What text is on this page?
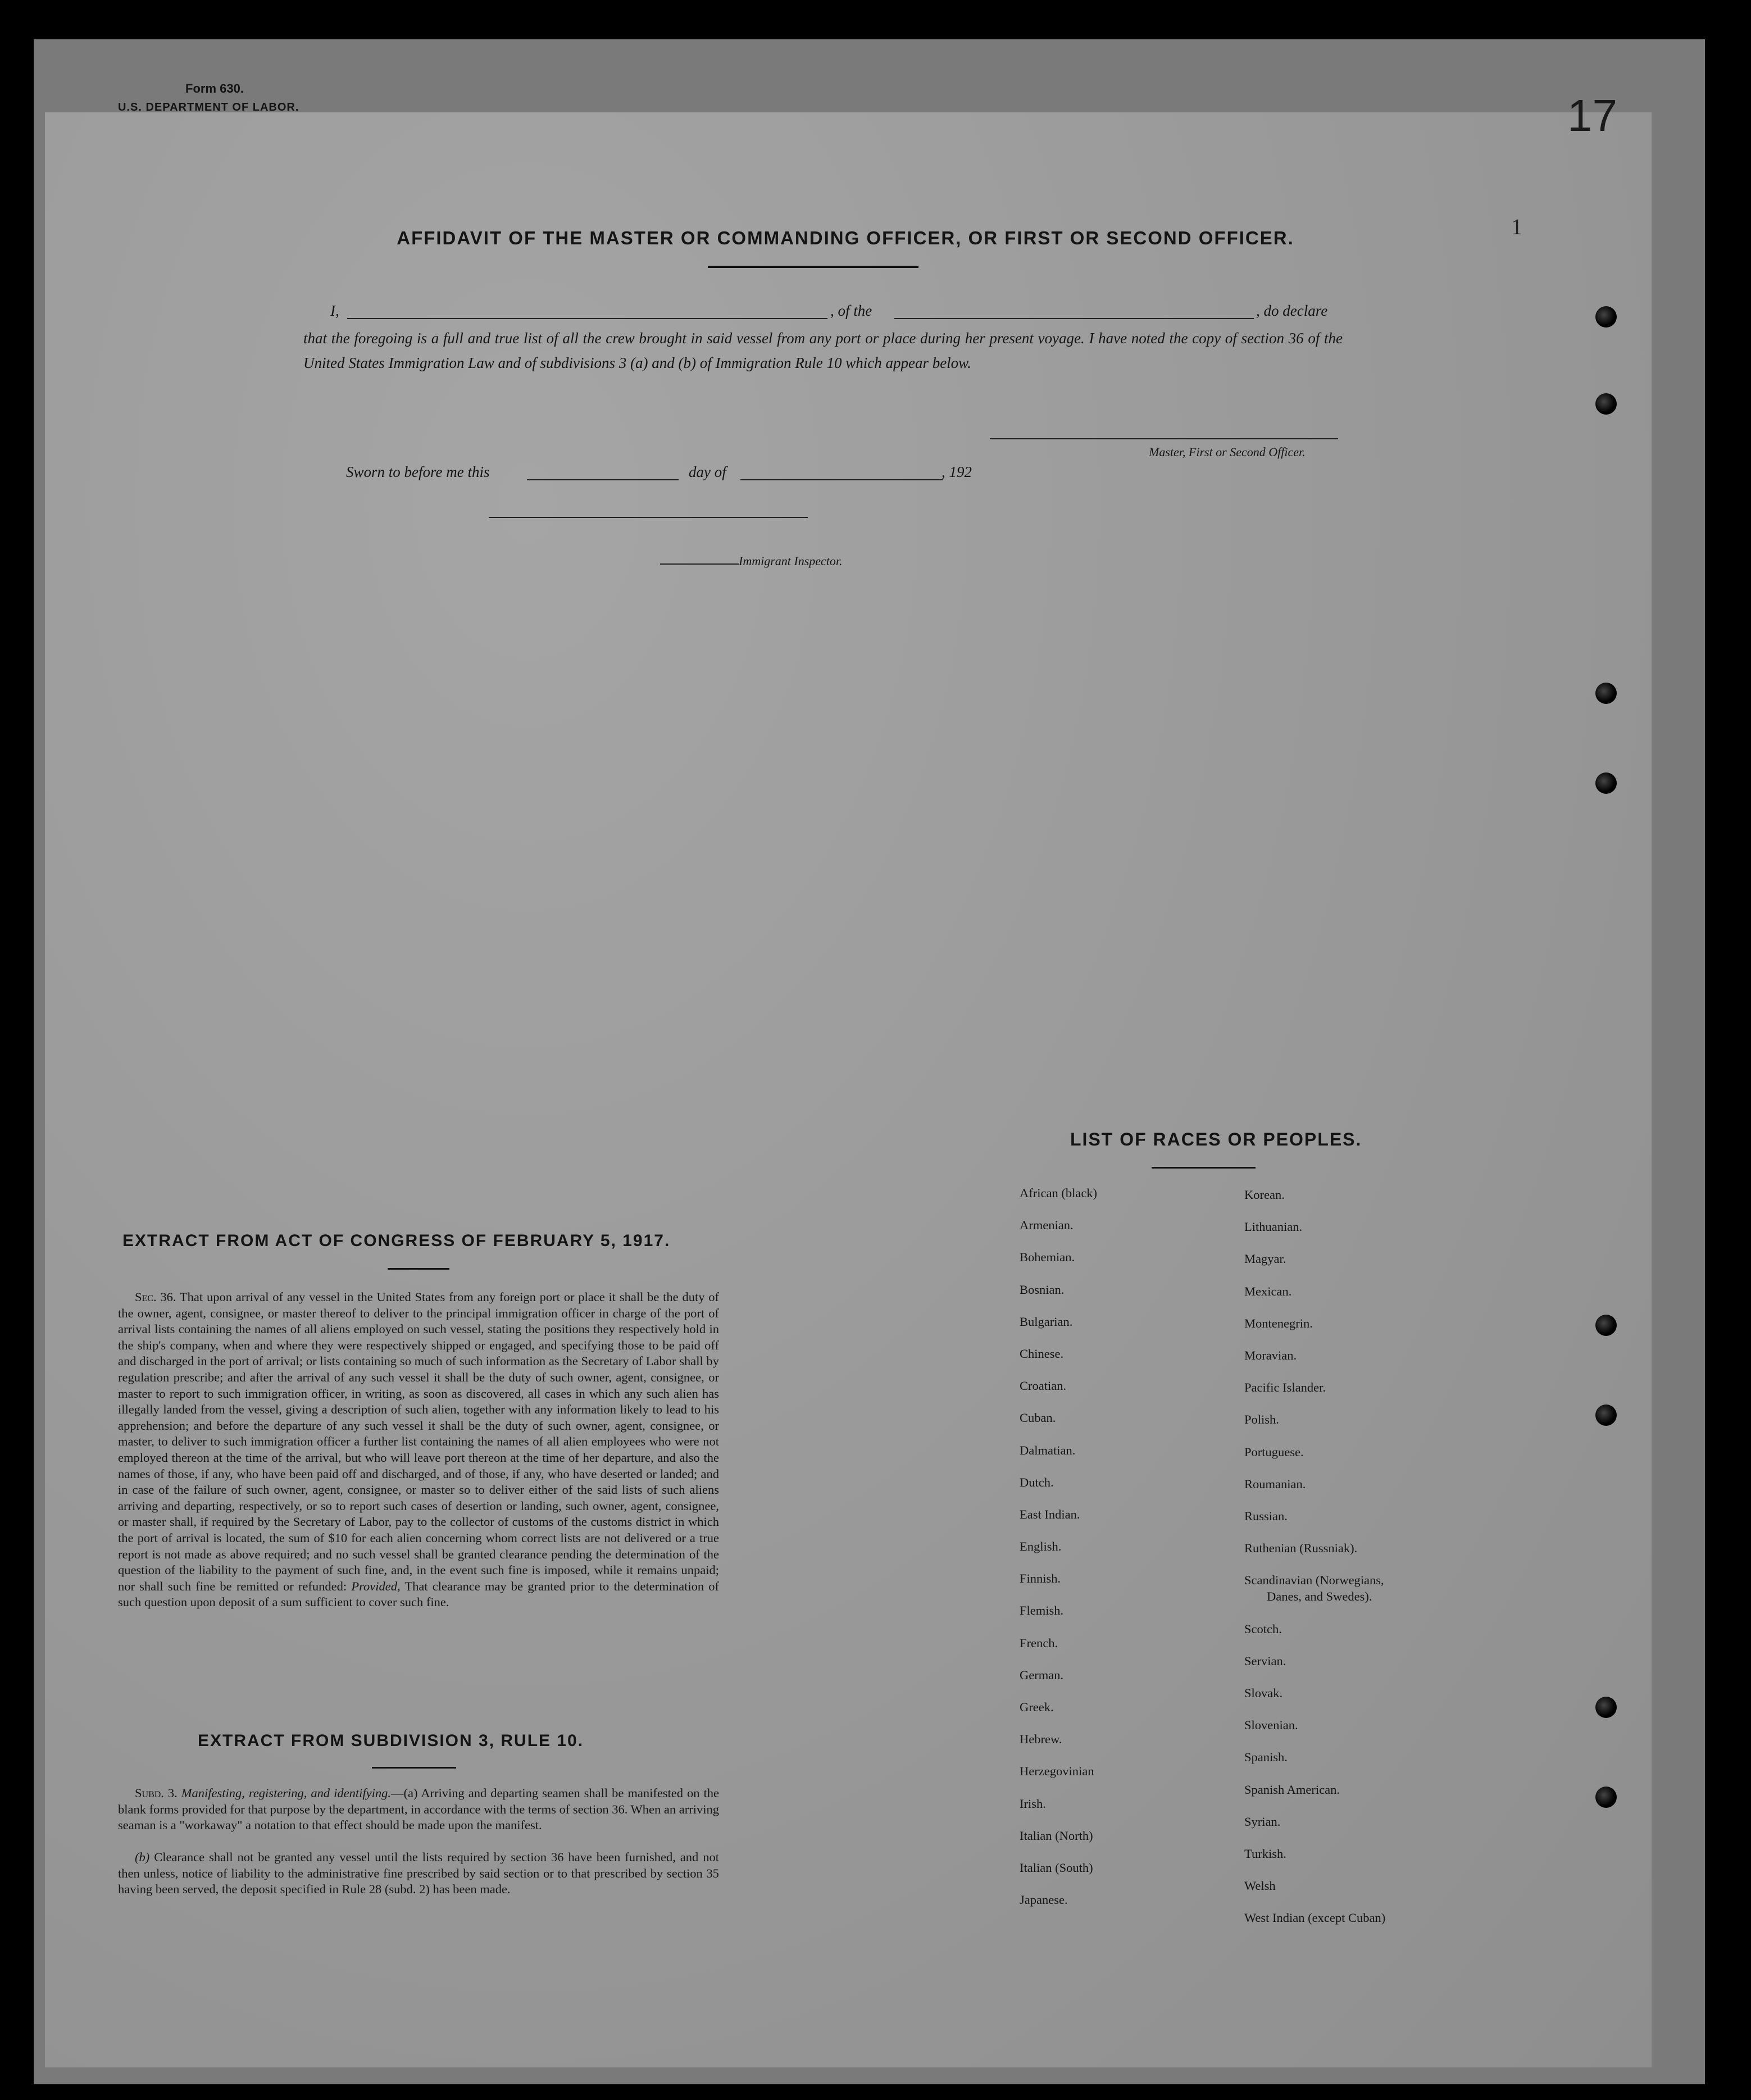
Form 630.
U.S. DEPARTMENT OF LABOR.	17
1
AFFIDAVIT OF THE MASTER OR COMMANDING OFFICER, OR FIRST OR SECOND OFFICER.
I,	, of the	, do declare
that the foregoing is a full and true list of all the crew brought in said vessel from any port or place during her present voyage. I have noted the copy of section 36 of the United States Immigration Law and of subdivisions 3 (a) and (b) of Immigration Rule 10 which appear below.
Master, First or Second Officer.
Sworn to before me this	day of	, 192
Immigrant Inspector.
EXTRACT FROM ACT OF CONGRESS OF FEBRUARY 5, 1917.
Sec. 36. That upon arrival of any vessel in the United States from any foreign port or place it shall be the duty of the owner, agent, consignee, or master thereof to deliver to the principal immigration officer in charge of the port of arrival lists containing the names of all aliens employed on such vessel, stating the positions they respectively hold in the ship's company, when and where they were respectively shipped or engaged, and specifying those to be paid off and discharged in the port of arrival; or lists containing so much of such information as the Secretary of Labor shall by regulation prescribe; and after the arrival of any such vessel it shall be the duty of such owner, agent, consignee, or master to report to such immigration officer, in writing, as soon as discovered, all cases in which any such alien has illegally landed from the vessel, giving a description of such alien, together with any information likely to lead to his apprehension; and before the departure of any such vessel it shall be the duty of such owner, agent, consignee, or master, to deliver to such immigration officer a further list containing the names of all alien employees who were not employed thereon at the time of the arrival, but who will leave port thereon at the time of her departure, and also the names of those, if any, who have been paid off and discharged, and of those, if any, who have deserted or landed; and in case of the failure of such owner, agent, consignee, or master so to deliver either of the said lists of such aliens arriving and departing, respectively, or so to report such cases of desertion or landing, such owner, agent, consignee, or master shall, if required by the Secretary of Labor, pay to the collector of customs of the customs district in which the port of arrival is located, the sum of $10 for each alien concerning whom correct lists are not delivered or a true report is not made as above required; and no such vessel shall be granted clearance pending the determination of the question of the liability to the payment of such fine, and, in the event such fine is imposed, while it remains unpaid; nor shall such fine be remitted or refunded: Provided, That clearance may be granted prior to the determination of such question upon deposit of a sum sufficient to cover such fine.
EXTRACT FROM SUBDIVISION 3, RULE 10.
Subd. 3. Manifesting, registering, and identifying.—(a) Arriving and departing seamen shall be manifested on the blank forms provided for that purpose by the department, in accordance with the terms of section 36. When an arriving seaman is a "workaway" a notation to that effect should be made upon the manifest.
(b) Clearance shall not be granted any vessel until the lists required by section 36 have been furnished, and not then unless, notice of liability to the administrative fine prescribed by said section or to that prescribed by section 35 having been served, the deposit specified in Rule 28 (subd. 2) has been made.
LIST OF RACES OR PEOPLES.
African (black)
Armenian.
Bohemian.
Bosnian.
Bulgarian.
Chinese.
Croatian.
Cuban.
Dalmatian.
Dutch.
East Indian.
English.
Finnish.
Flemish.
French.
German.
Greek.
Hebrew.
Herzegovinian
Irish.
Italian (North)
Italian (South)
Japanese.
Korean.
Lithuanian.
Magyar.
Mexican.
Montenegrin.
Moravian.
Pacific Islander.
Polish.
Portuguese.
Roumanian.
Russian.
Ruthenian (Russniak).
Scandinavian (Norwegians,
Danes, and Swedes).
Scotch.
Servian.
Slovak.
Slovenian.
Spanish.
Spanish American.
Syrian.
Turkish.
Welsh
West Indian (except Cuban)
